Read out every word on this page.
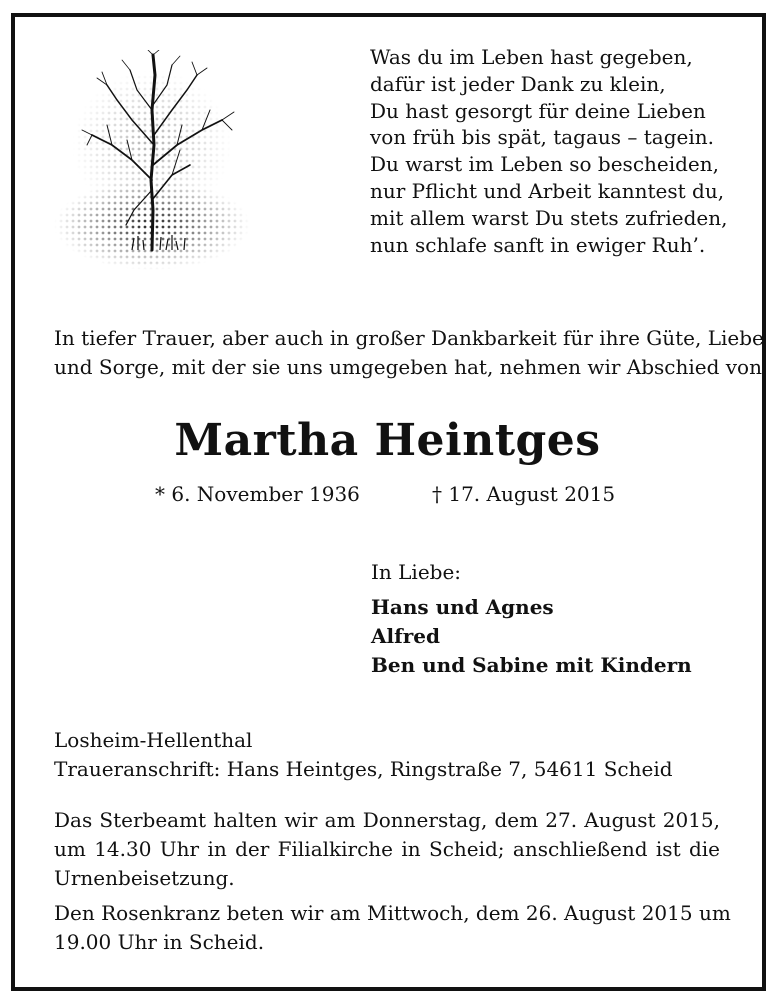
Was du im Leben hast gegeben,
dafür ist jeder Dank zu klein,
Du hast gesorgt für deine Lieben
von früh bis spät, tagaus – tagein.
Du warst im Leben so bescheiden,
nur Pflicht und Arbeit kanntest du,
mit allem warst Du stets zufrieden,
nun schlafe sanft in ewiger Ruh’.
In tiefer Trauer, aber auch in großer Dankbarkeit für ihre Güte, Liebe
und Sorge, mit der sie uns umgegeben hat, nehmen wir Abschied von
Martha Heintges
* 6. November 1936	† 17. August 2015
In Liebe:
Hans und Agnes
Alfred
Ben und Sabine mit Kindern
Losheim-Hellenthal
Traueranschrift: Hans Heintges, Ringstraße 7, 54611 Scheid
Das Sterbeamt halten wir am Donnerstag, dem 27. August 2015,
um 14.30 Uhr in der Filialkirche in Scheid; anschließend ist die
Urnenbeisetzung.
Den Rosenkranz beten wir am Mittwoch, dem 26. August 2015 um
19.00 Uhr in Scheid.
